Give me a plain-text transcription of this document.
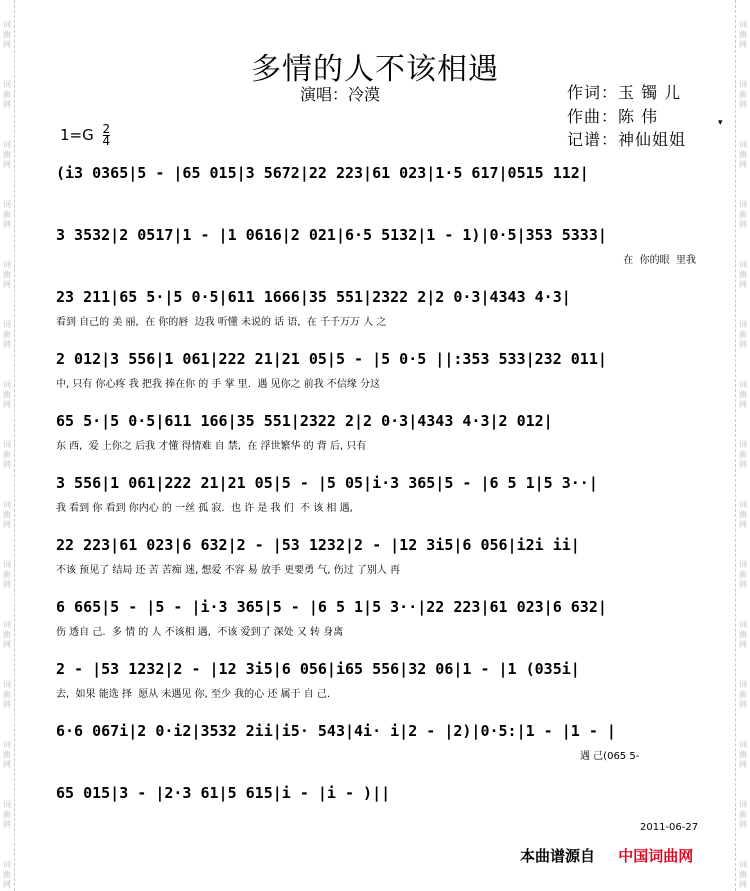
词
曲
网
词
曲
网
词
曲
网
词
曲
网
词
曲
网
词
曲
网
词
曲
网
词
曲
网
词
曲
网
词
曲
网
词
曲
网
词
曲
网
词
曲
网
词
曲
网
词
曲
网
词
曲
网
词
曲
网
词
曲
网
词
曲
网
词
曲
网
词
曲
网
词
曲
网
词
曲
网
词
曲
网
词
曲
网
词
曲
网
词
曲
网
词
曲
网
词
曲
网
词
曲
网
多情的人不该相遇
演唱：冷漠	作词：玉 镯 儿
作曲：陈 伟
记谱：神仙姐姐
$1=G \frac{2}{4}$
▾
(i3 0365|5 - |65 015|3 5672|22 223|61 023|1·5 617|0515 112|
3 3532|2 0517|1 - |1 0616|2 021|6·5 5132|1 - 1)|0·5|353 5333|
在  你的眼  里我
23 211|65 5·|5 0·5|611 1666|35 551|2322 2|2 0·3|4343 4·3|
看到 自己的 美 丽,  在 你的唇  边我 听懂 未说的 话 语,  在 千千万万 人 之
2 012|3 556|1 061|222 21|21 05|5 - |5 0·5 ||:353 533|232 011|
中, 只有 你心疼 我 把我 捧在你 的 手 掌 里.  遇 见你之 前我 不信缘 分这
65 5·|5 0·5|611 166|35 551|2322 2|2 0·3|4343 4·3|2 012|
东 西,  爱 上你之 后我 才懂 得情难 自 禁,  在 浮世繁华 的 背 后, 只有
3 556|1 061|222 21|21 05|5 - |5 05|i·3 365|5 - |6 5 1|5 3··|
我 看到 你 看到 你内心 的 一丝 孤 寂.  也 许 是 我 们  不 该 相 遇,
22 223|61 023|6 632|2 - |53 1232|2 - |12 3i5|6 056|i2i ii|
不该 预见了 结局 还 苦 苦痴 迷, 想爱 不容 易 放手 更要勇 气, 伤过 了别人 再
6 665|5 - |5 - |i·3 365|5 - |6 5 1|5 3··|22 223|61 023|6 632|
伤 透自 己.  多 情 的 人 不该相 遇,  不该 爱到了 深处 又 转 身离
2 - |53 1232|2 - |12 3i5|6 056|i65 556|32 06|1 - |1 (035i|
去,  如果 能选 择  愿从 未遇见 你, 至少 我的心 还 属于 自 己.
6·6 067i|2 0·i2|3532 2ii|i5· 543|4i· i|2 - |2)|0·5:|1 - |1 - |
遇 己(065 5-
65 015|3 - |2·3 61|5 615|i - |i - )||
2011-06-27
本曲谱源自 中国词曲网
